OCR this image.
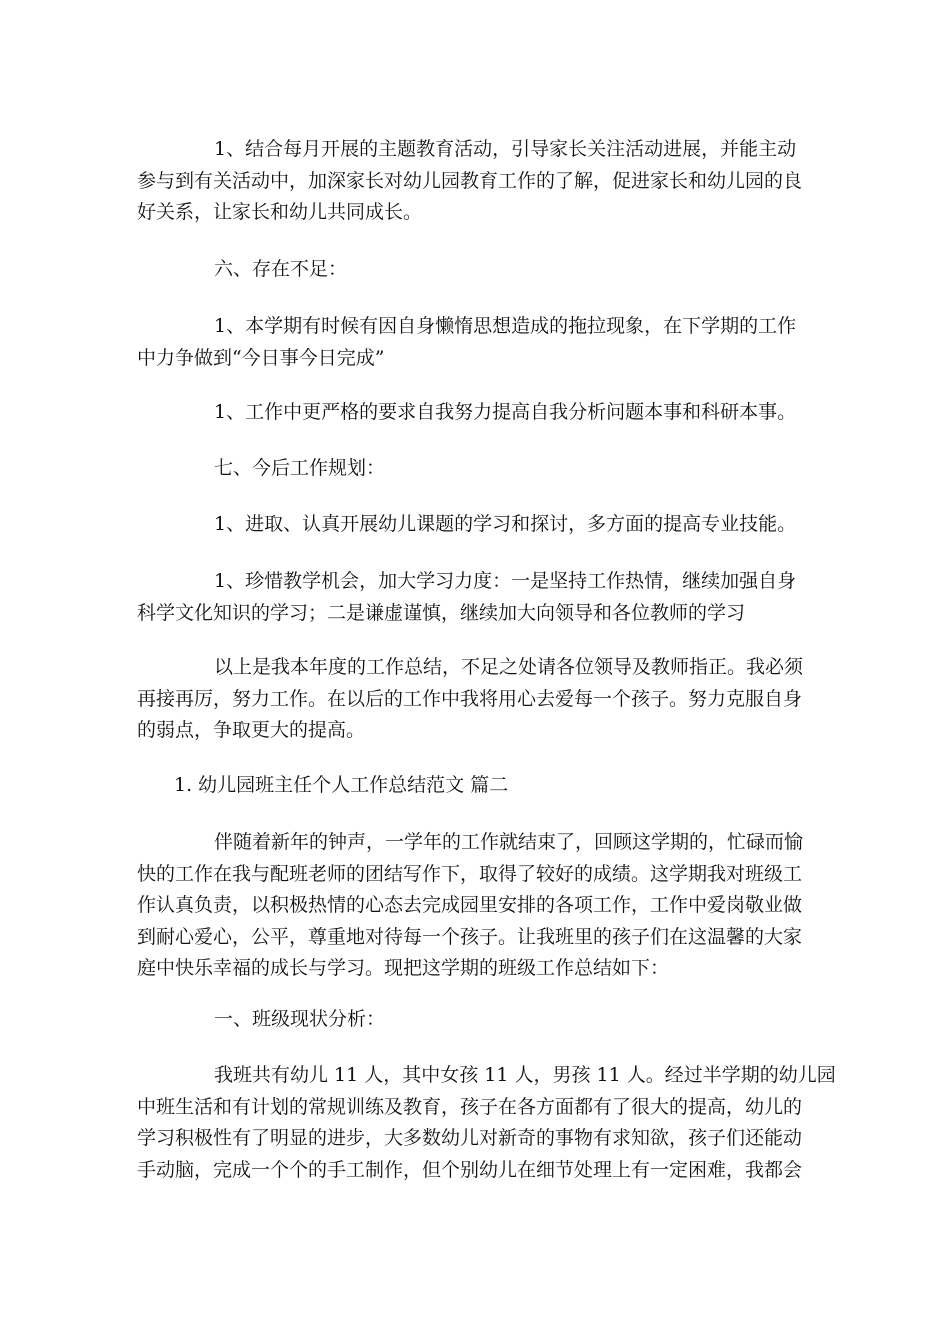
1、结合每月开展的主题教育活动，引导家长关注活动进展，并能主动
参与到有关活动中，加深家长对幼儿园教育工作的了解，促进家长和幼儿园的良
好关系，让家长和幼儿共同成长。

六、存在不足：

1、本学期有时候有因自身懒惰思想造成的拖拉现象，在下学期的工作
中力争做到“今日事今日完成”

1、工作中更严格的要求自我努力提高自我分析问题本事和科研本事。

七、今后工作规划：

1、进取、认真开展幼儿课题的学习和探讨，多方面的提高专业技能。

1、珍惜教学机会，加大学习力度：一是坚持工作热情，继续加强自身
科学文化知识的学习；二是谦虚谨慎，继续加大向领导和各位教师的学习

以上是我本年度的工作总结，不足之处请各位领导及教师指正。我必须
再接再厉，努力工作。在以后的工作中我将用心去爱每一个孩子。努力克服自身
的弱点，争取更大的提高。

1. 幼儿园班主任个人工作总结范文 篇二

伴随着新年的钟声，一学年的工作就结束了，回顾这学期的，忙碌而愉
快的工作在我与配班老师的团结写作下，取得了较好的成绩。这学期我对班级工
作认真负责，以积极热情的心态去完成园里安排的各项工作，工作中爱岗敬业做
到耐心爱心，公平，尊重地对待每一个孩子。让我班里的孩子们在这温馨的大家
庭中快乐幸福的成长与学习。现把这学期的班级工作总结如下：

一、班级现状分析：

我班共有幼儿 11 人，其中女孩 11 人，男孩 11 人。经过半学期的幼儿园
中班生活和有计划的常规训练及教育，孩子在各方面都有了很大的提高，幼儿的
学习积极性有了明显的进步，大多数幼儿对新奇的事物有求知欲，孩子们还能动
手动脑，完成一个个的手工制作，但个别幼儿在细节处理上有一定困难，我都会
